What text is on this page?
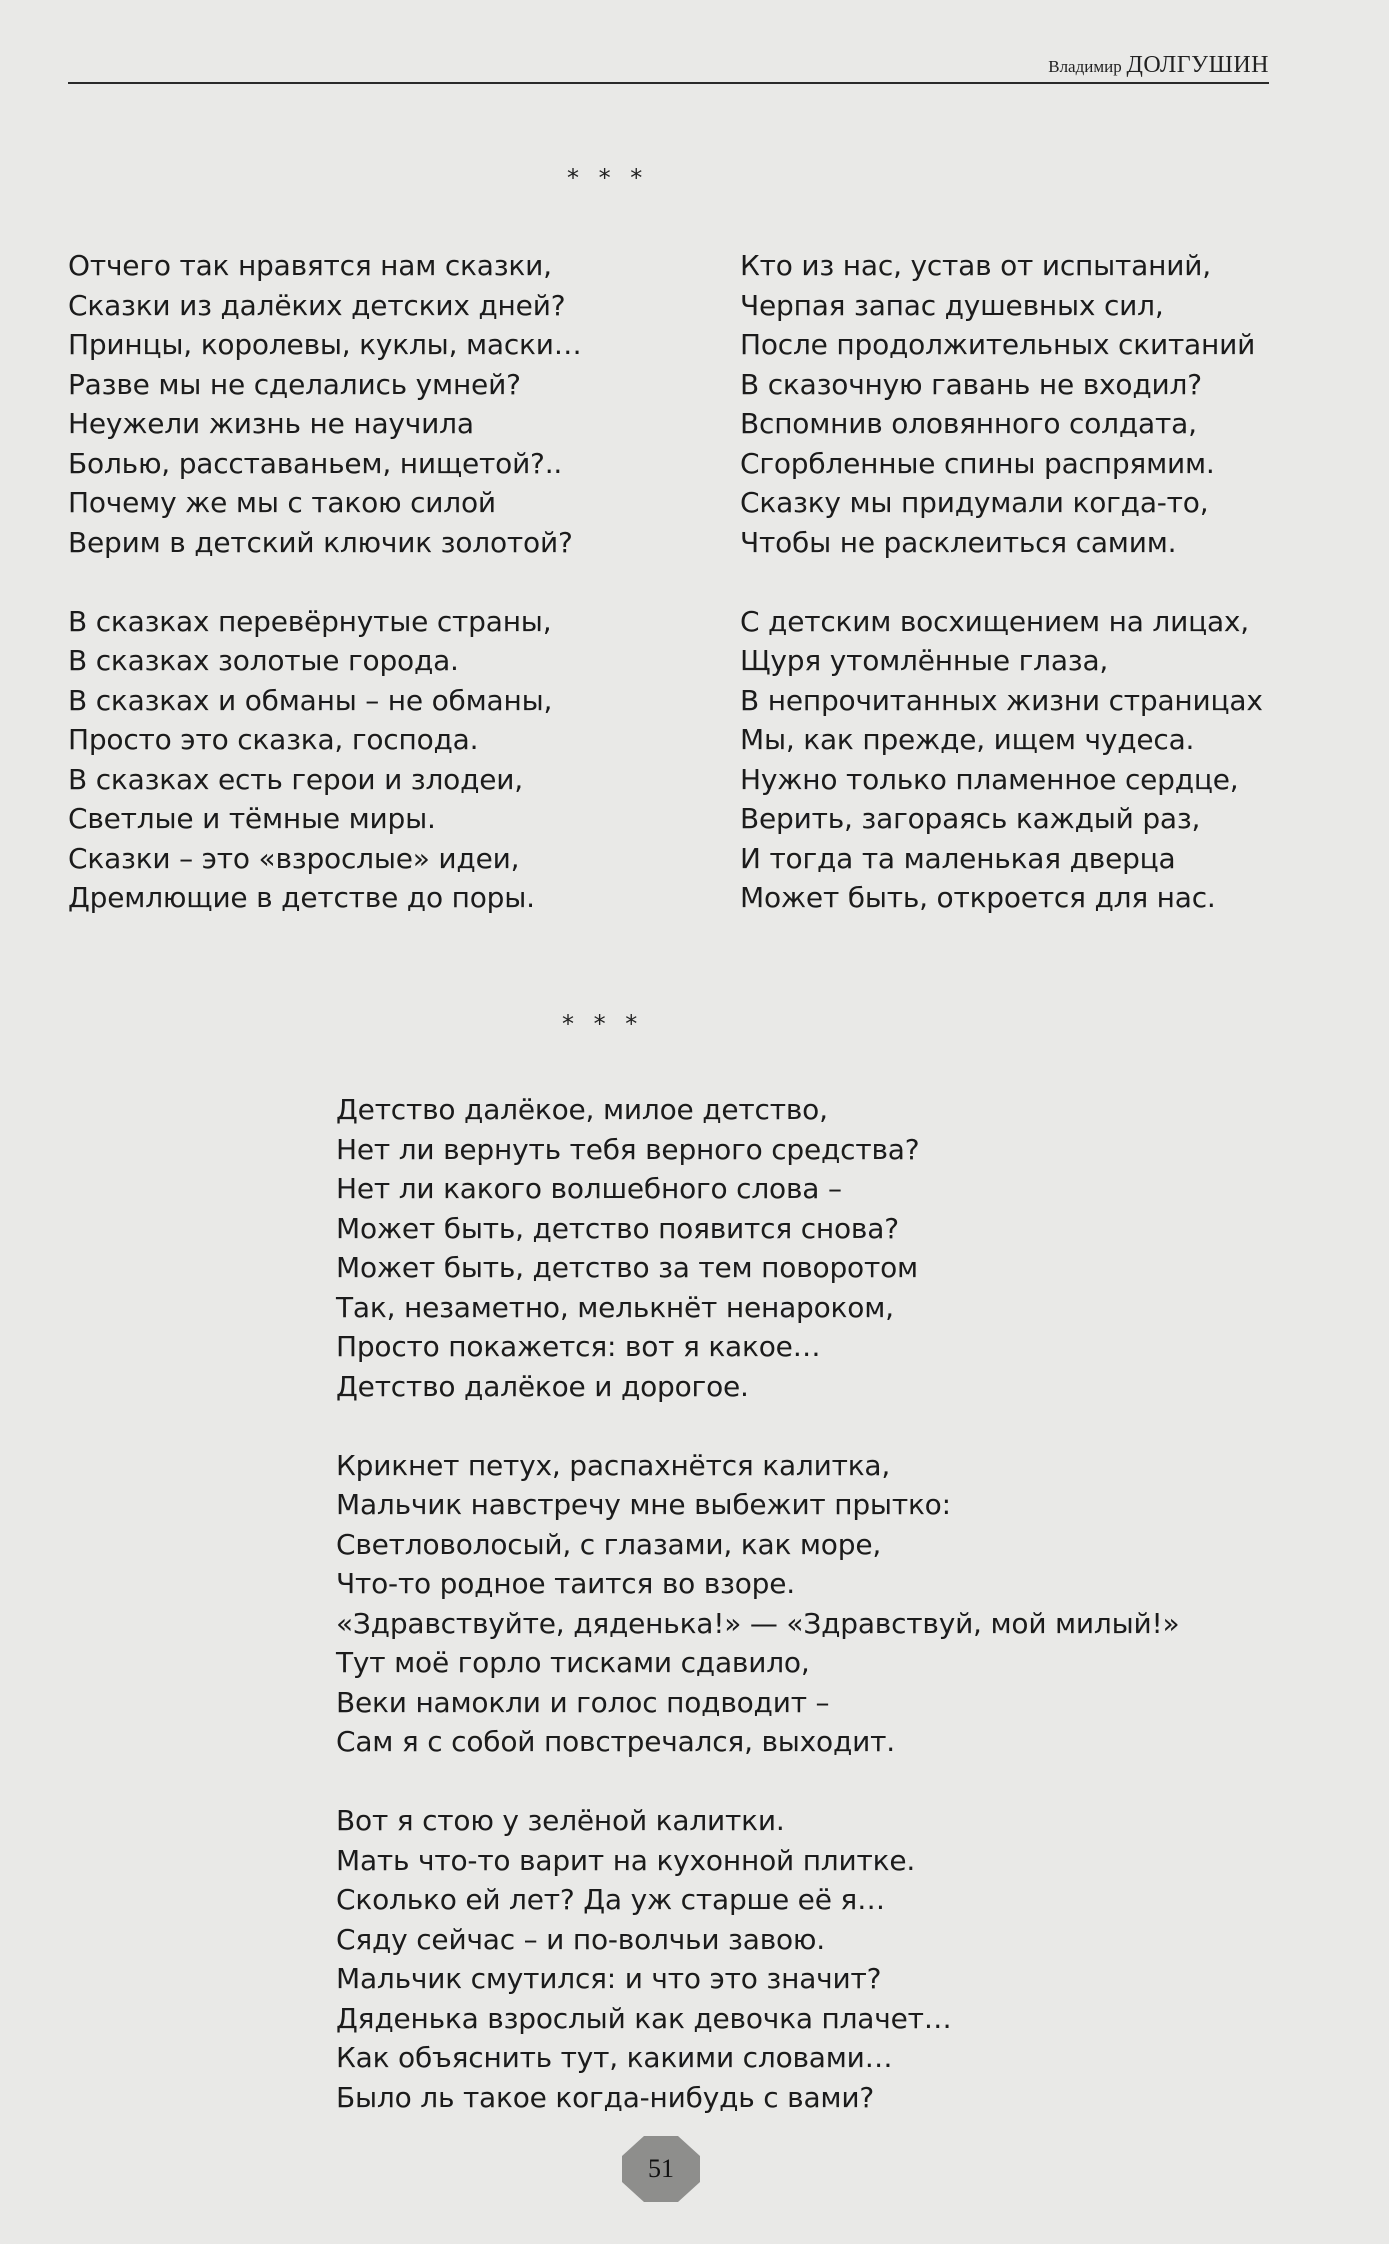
Владимир ДОЛГУШИН
* * *
Отчего так нравятся нам сказки,
Сказки из далёких детских дней?
Принцы, королевы, куклы, маски…
Разве мы не сделались умней?
Неужели жизнь не научила
Болью, расставаньем, нищетой?..
Почему же мы с такою силой
Верим в детский ключик золотой?
В сказках перевёрнутые страны,
В сказках золотые города.
В сказках и обманы – не обманы,
Просто это сказка, господа.
В сказках есть герои и злодеи,
Светлые и тёмные миры.
Сказки – это «взрослые» идеи,
Дремлющие в детстве до поры.
Кто из нас, устав от испытаний,
Черпая запас душевных сил,
После продолжительных скитаний
В сказочную гавань не входил?
Вспомнив оловянного солдата,
Сгорбленные спины распрямим.
Сказку мы придумали когда-то,
Чтобы не расклеиться самим.
С детским восхищением на лицах,
Щуря утомлённые глаза,
В непрочитанных жизни страницах
Мы, как прежде, ищем чудеса.
Нужно только пламенное сердце,
Верить, загораясь каждый раз,
И тогда та маленькая дверца
Может быть, откроется для нас.
* * *
Детство далёкое, милое детство,
Нет ли вернуть тебя верного средства?
Нет ли какого волшебного слова –
Может быть, детство появится снова?
Может быть, детство за тем поворотом
Так, незаметно, мелькнёт ненароком,
Просто покажется: вот я какое…
Детство далёкое и дорогое.
Крикнет петух, распахнётся калитка,
Мальчик навстречу мне выбежит прытко:
Светловолосый, с глазами, как море,
Что-то родное таится во взоре.
«Здравствуйте, дяденька!» — «Здравствуй, мой милый!»
Тут моё горло тисками сдавило,
Веки намокли и голос подводит –
Сам я с собой повстречался, выходит.
Вот я стою у зелёной калитки.
Мать что-то варит на кухонной плитке.
Сколько ей лет? Да уж старше её я…
Сяду сейчас – и по-волчьи завою.
Мальчик смутился: и что это значит?
Дяденька взрослый как девочка плачет…
Как объяснить тут, какими словами…
Было ль такое когда-нибудь с вами?
51
